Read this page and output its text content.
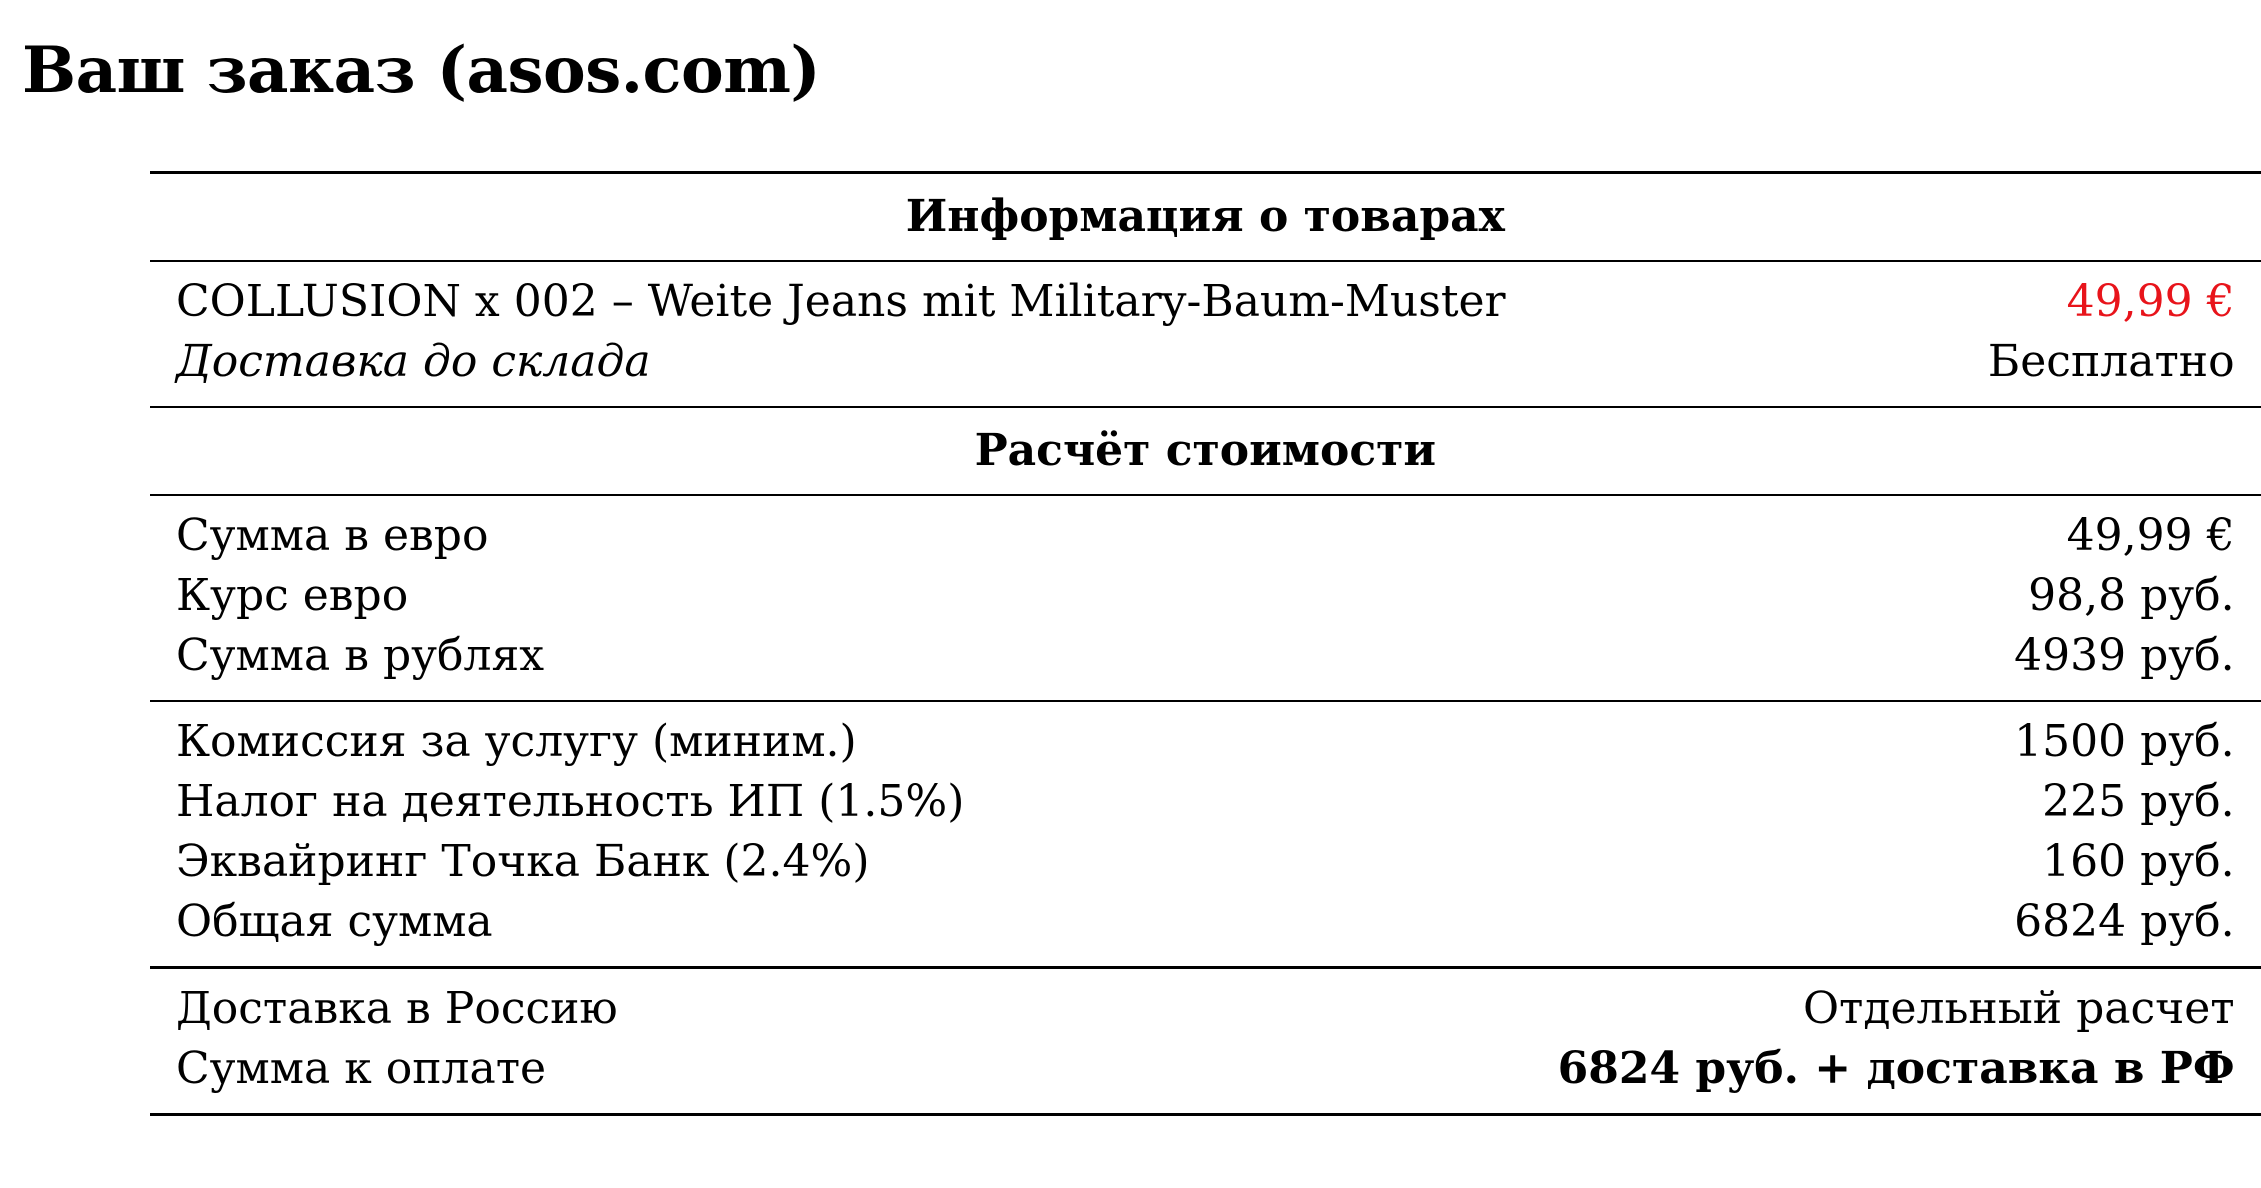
Ваш заказ (asos.com)
Информация о товарах	
COLLUSION x 002 – Weite Jeans mit Military-Baum-Muster	49,99 €
Доставка до склада	Бесплатно
Расчёт стоимости	
Сумма в евро	49,99 €
Курс евро	98,8 руб.
Сумма в рублях	4939 руб.
Комиссия за услугу (миним.)	1500 руб.
Налог на деятельность ИП (1.5%)	225 руб.
Эквайринг Точка Банк (2.4%)	160 руб.
Общая сумма	6824 руб.
Доставка в Россию	Отдельный расчет
Сумма к оплате	6824 руб. + доставка в РФ
